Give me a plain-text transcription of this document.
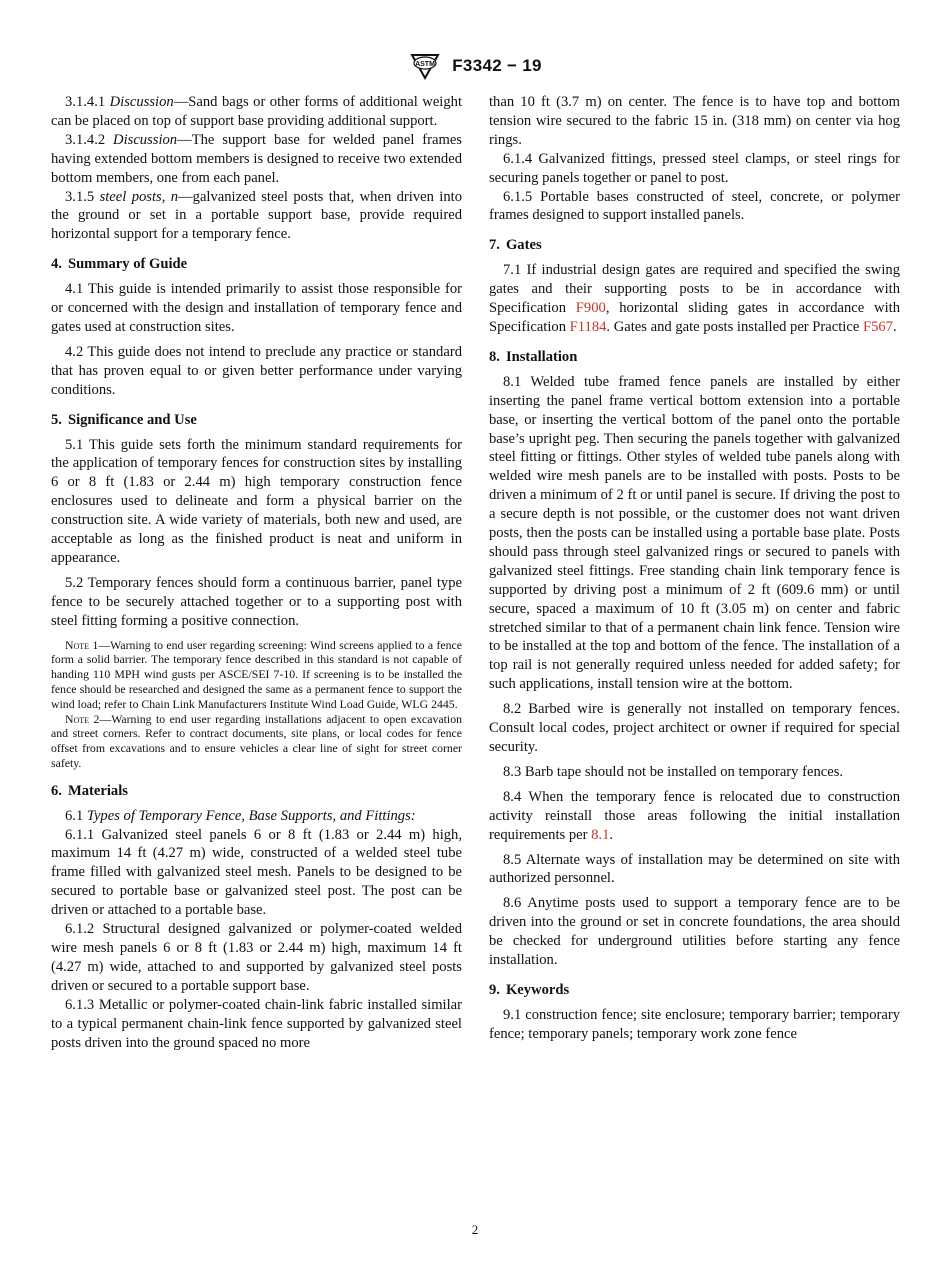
ASTM F3342 − 19

3.1.4.1 Discussion—Sand bags or other forms of additional weight can be placed on top of support base providing additional support.

3.1.4.2 Discussion—The support base for welded panel frames having extended bottom members is designed to receive two extended bottom members, one from each panel.

3.1.5 steel posts, n—galvanized steel posts that, when driven into the ground or set in a portable support base, provide required horizontal support for a temporary fence.

4. Summary of Guide

4.1 This guide is intended primarily to assist those responsible for or concerned with the design and installation of temporary fence and gates used at construction sites.

4.2 This guide does not intend to preclude any practice or standard that has proven equal to or given better performance under varying conditions.

5. Significance and Use

5.1 This guide sets forth the minimum standard requirements for the application of temporary fences for construction sites by installing 6 or 8 ft (1.83 or 2.44 m) high temporary construction fence enclosures used to delineate and form a physical barrier on the construction site. A wide variety of materials, both new and used, are acceptable as long as the finished product is neat and uniform in appearance.

5.2 Temporary fences should form a continuous barrier, panel type fence to be securely attached together or to a supporting post with steel fitting forming a positive connection.

Note 1—Warning to end user regarding screening: Wind screens applied to a fence form a solid barrier. The temporary fence described in this standard is not capable of handing 110 MPH wind gusts per ASCE/SEI 7-10. If screening is to be installed the fence should be researched and designed the same as a permanent fence to support the wind load; refer to Chain Link Manufacturers Institute Wind Load Guide, WLG 2445.

Note 2—Warning to end user regarding installations adjacent to open excavation and street corners. Refer to contract documents, site plans, or local codes for fence offset from excavations and to ensure vehicles a clear line of sight for street corner safety.

6. Materials

6.1 Types of Temporary Fence, Base Supports, and Fittings:

6.1.1 Galvanized steel panels 6 or 8 ft (1.83 or 2.44 m) high, maximum 14 ft (4.27 m) wide, constructed of a welded steel tube frame filled with galvanized steel mesh. Panels to be designed to be secured to portable base or galvanized steel post. The post can be driven or attached to a portable base.

6.1.2 Structural designed galvanized or polymer-coated welded wire mesh panels 6 or 8 ft (1.83 or 2.44 m) high, maximum 14 ft (4.27 m) wide, attached to and supported by galvanized steel posts driven or secured to a portable support base.

6.1.3 Metallic or polymer-coated chain-link fabric installed similar to a typical permanent chain-link fence supported by galvanized steel posts driven into the ground spaced no more

than 10 ft (3.7 m) on center. The fence is to have top and bottom tension wire secured to the fabric 15 in. (318 mm) on center via hog rings.

6.1.4 Galvanized fittings, pressed steel clamps, or steel rings for securing panels together or panel to post.

6.1.5 Portable bases constructed of steel, concrete, or polymer frames designed to support installed panels.

7. Gates

7.1 If industrial design gates are required and specified the swing gates and their supporting posts to be in accordance with Specification F900, horizontal sliding gates in accordance with Specification F1184. Gates and gate posts installed per Practice F567.

8. Installation

8.1 Welded tube framed fence panels are installed by either inserting the panel frame vertical bottom extension into a portable base, or inserting the vertical bottom of the panel onto the portable base’s upright peg. Then securing the panels together with galvanized steel fitting or fittings. Other styles of welded tube panels along with welded wire mesh panels are to be installed with posts. Posts to be driven a minimum of 2 ft or until panel is secure. If driving the post to a secure depth is not possible, or the customer does not want driven posts, then the posts can be installed using a portable base plate. Posts should pass through steel galvanized rings or secured to panels with galvanized steel fittings. Free standing chain link temporary fence is supported by driving post a minimum of 2 ft (609.6 mm) or until secure, spaced a maximum of 10 ft (3.05 m) on center and fabric stretched similar to that of a permanent chain link fence. Tension wire to be installed at the top and bottom of the fence. The installation of a top rail is not generally required unless needed for added safety; for such applications, install tension wire at the bottom.

8.2 Barbed wire is generally not installed on temporary fences. Consult local codes, project architect or owner if required for special security.

8.3 Barb tape should not be installed on temporary fences.

8.4 When the temporary fence is relocated due to construction activity reinstall those areas following the initial installation requirements per 8.1.

8.5 Alternate ways of installation may be determined on site with authorized personnel.

8.6 Anytime posts used to support a temporary fence are to be driven into the ground or set in concrete foundations, the area should be checked for underground utilities before starting any fence installation.

9. Keywords

9.1 construction fence; site enclosure; temporary barrier; temporary fence; temporary panels; temporary work zone fence

2
